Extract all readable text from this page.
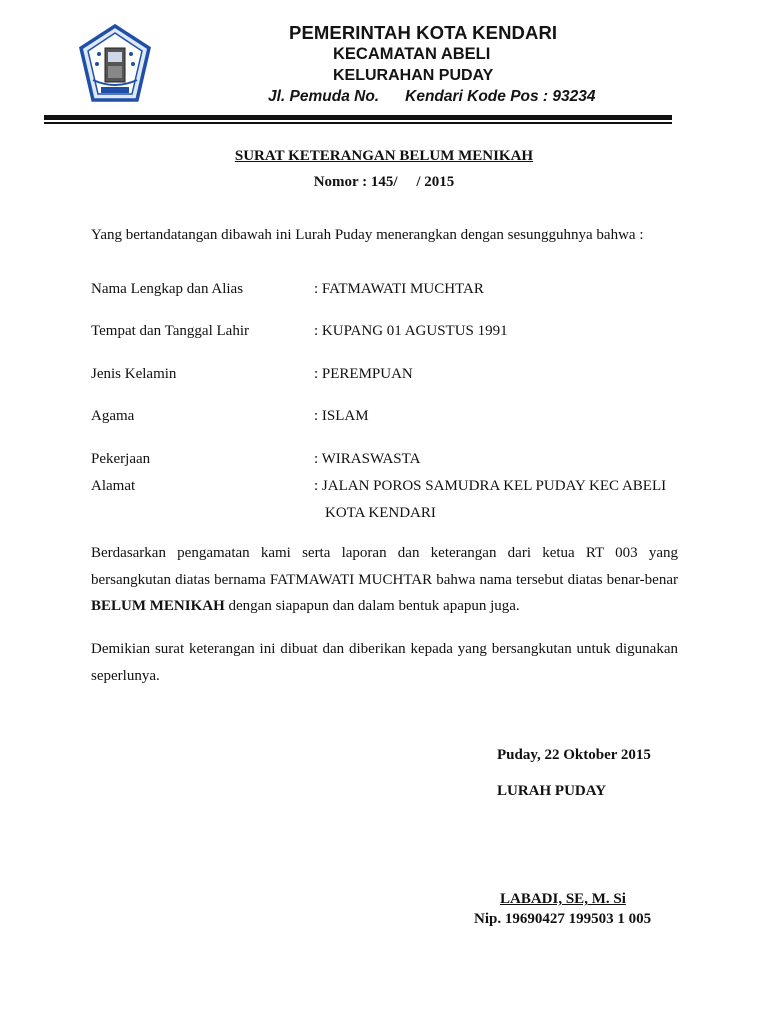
PEMERINTAH KOTA KENDARI
KECAMATAN ABELI
KELURAHAN PUDAY
Jl. Pemuda No. Kendari Kode Pos : 93234
SURAT KETERANGAN BELUM MENIKAH
Nomor : 145/     / 2015
Yang bertandatangan dibawah ini Lurah Puday menerangkan dengan sesungguhnya bahwa :
Nama Lengkap dan Alias	: FATMAWATI MUCHTAR
Tempat dan Tanggal Lahir	: KUPANG 01 AGUSTUS 1991
Jenis Kelamin	: PEREMPUAN
Agama	: ISLAM
Pekerjaan	: WIRASWASTA
Alamat	: JALAN POROS SAMUDRA KEL PUDAY KEC ABELI
KOTA KENDARI
Berdasarkan pengamatan kami serta laporan dan keterangan dari ketua RT 003 yang bersangkutan diatas bernama FATMAWATI MUCHTAR bahwa nama tersebut diatas benar-benar BELUM MENIKAH dengan siapapun dan dalam bentuk apapun juga.
Demikian surat keterangan ini dibuat dan diberikan kepada yang bersangkutan untuk digunakan seperlunya.
Puday, 22 Oktober 2015
LURAH PUDAY
LABADI, SE, M. Si
Nip. 19690427 199503 1 005
